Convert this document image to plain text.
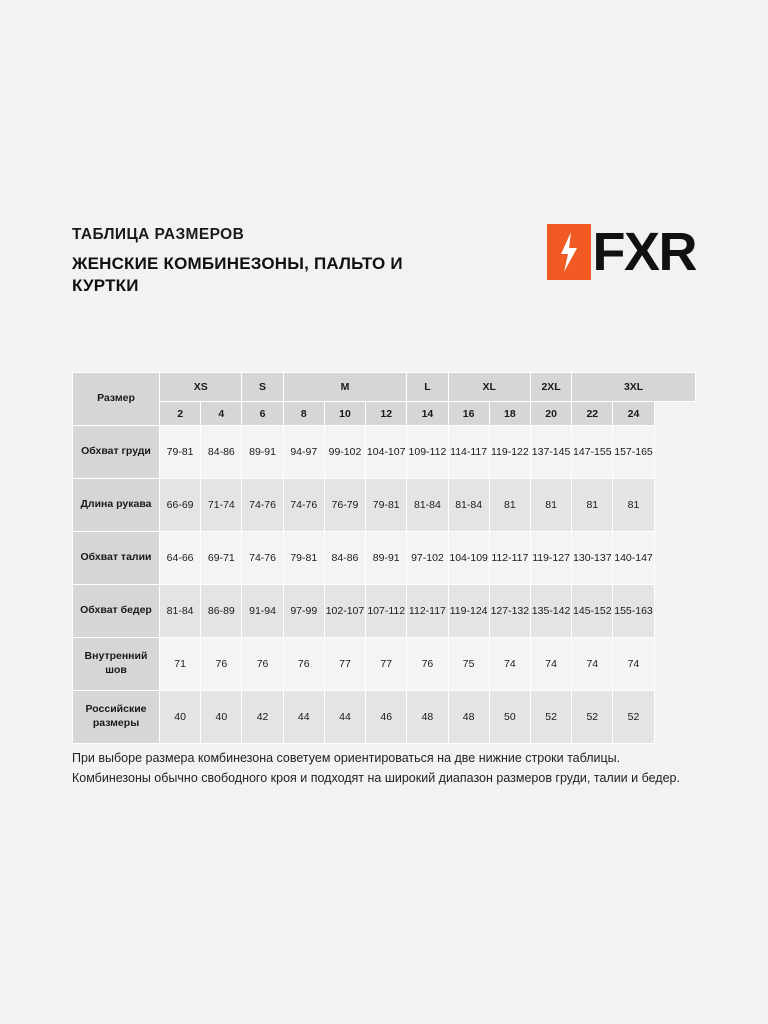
ТАБЛИЦА РАЗМЕРОВ
ЖЕНСКИЕ КОМБИНЕЗОНЫ, ПАЛЬТО И КУРТКИ
FXR
Размер	XS		S	M			L	XL		2XL	3XL	
	2	4	6	8	10	12	14	16	18	20	22	24
Обхват груди	79-81	84-86	89-91	94-97	99-102	104-107	109-112	114-117	119-122	137-145	147-155	157-165
Длина рукава	66-69	71-74	74-76	74-76	76-79	79-81	81-84	81-84	81	81	81	81
Обхват талии	64-66	69-71	74-76	79-81	84-86	89-91	97-102	104-109	112-117	119-127	130-137	140-147
Обхват бедер	81-84	86-89	91-94	97-99	102-107	107-112	112-117	119-124	127-132	135-142	145-152	155-163
Внутренний шов	71	76	76	76	77	77	76	75	74	74	74	74
Российские размеры	40	40	42	44	44	46	48	48	50	52	52	52
При выборе размера комбинезона советуем ориентироваться на две нижние строки таблицы. Комбинезоны обычно свободного кроя и подходят на широкий диапазон размеров груди, талии и бедер.
